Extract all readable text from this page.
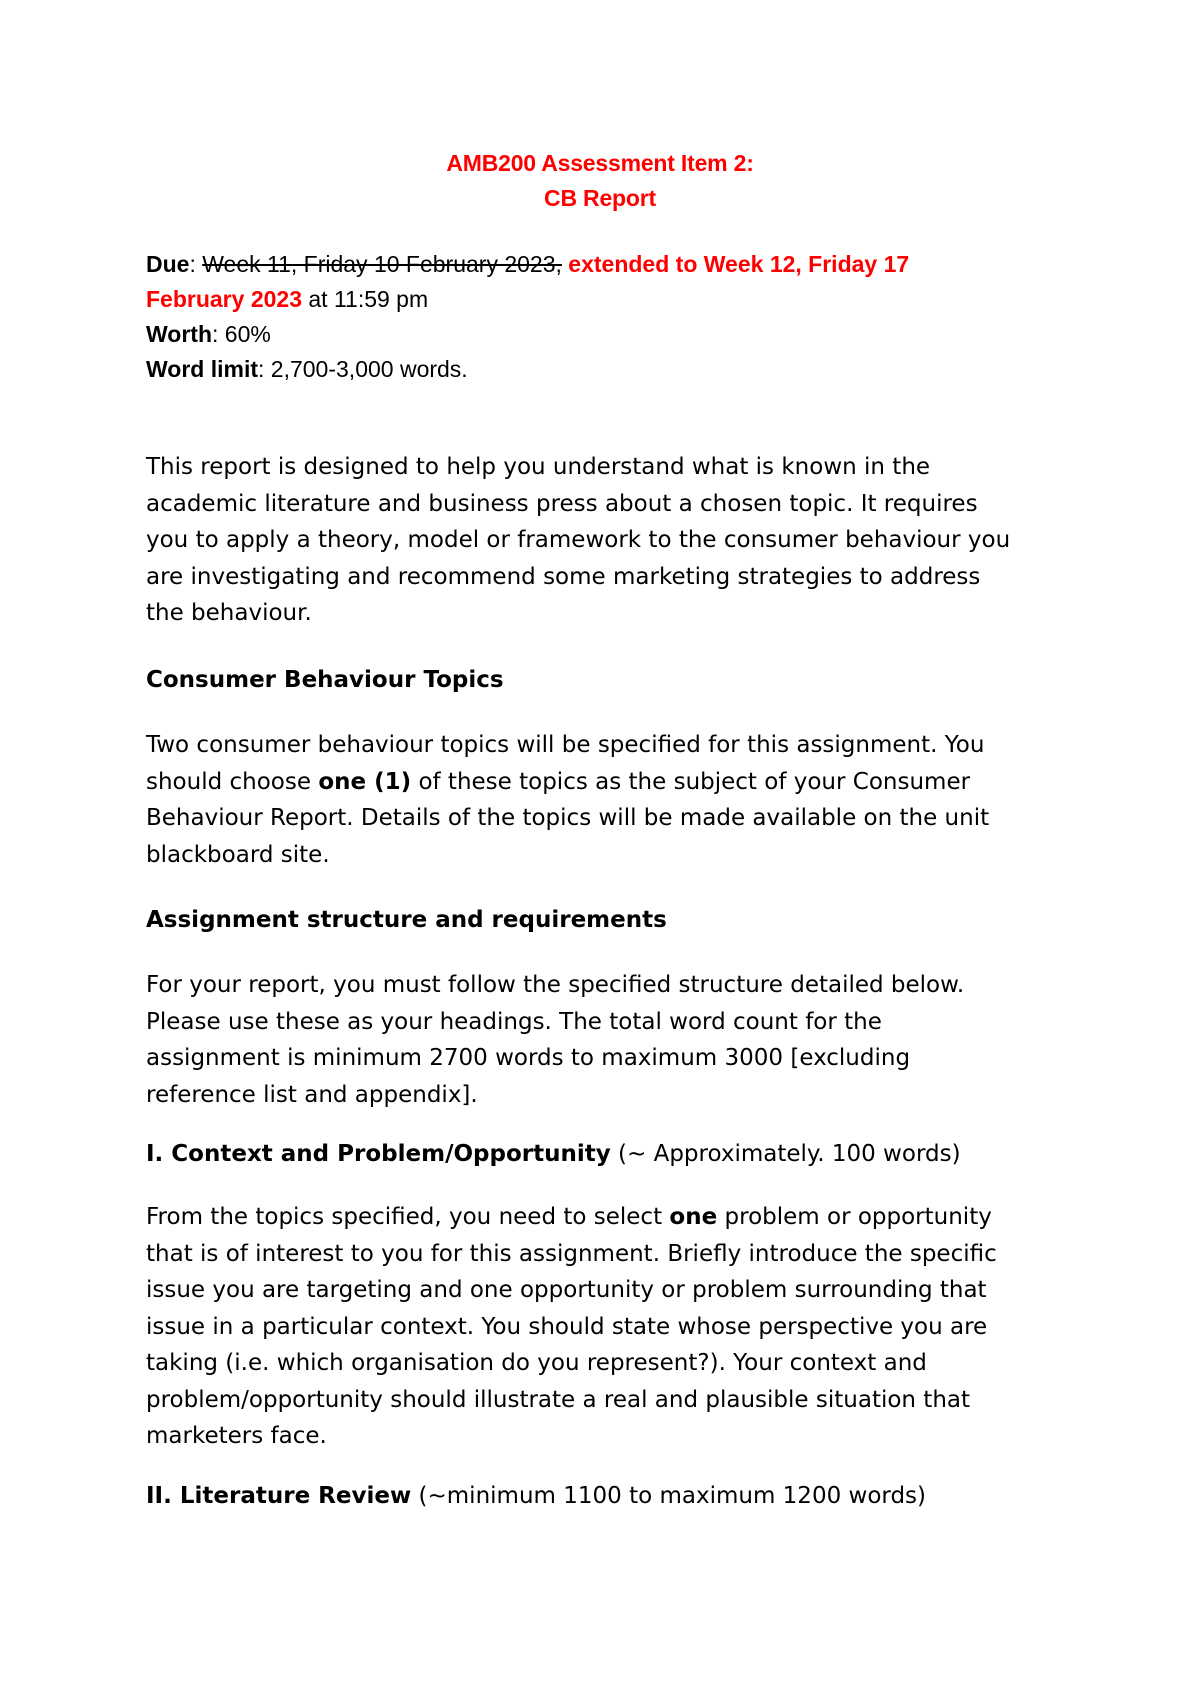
AMB200 Assessment Item 2:
CB Report
Due: Week 11, Friday 10 February 2023, extended to Week 12, Friday 17
February 2023 at 11:59 pm
Worth: 60%
Word limit: 2,700-3,000 words.
This report is designed to help you understand what is known in the
academic literature and business press about a chosen topic. It requires
you to apply a theory, model or framework to the consumer behaviour you
are investigating and recommend some marketing strategies to address
the behaviour.
Consumer Behaviour Topics
Two consumer behaviour topics will be specified for this assignment. You
should choose one (1) of these topics as the subject of your Consumer
Behaviour Report. Details of the topics will be made available on the unit
blackboard site.
Assignment structure and requirements
For your report, you must follow the specified structure detailed below.
Please use these as your headings. The total word count for the
assignment is minimum 2700 words to maximum 3000 [excluding
reference list and appendix].
I. Context and Problem/Opportunity (~ Approximately. 100 words)
From the topics specified, you need to select one problem or opportunity
that is of interest to you for this assignment. Briefly introduce the specific
issue you are targeting and one opportunity or problem surrounding that
issue in a particular context. You should state whose perspective you are
taking (i.e. which organisation do you represent?). Your context and
problem/opportunity should illustrate a real and plausible situation that
marketers face.
II. Literature Review (~minimum 1100 to maximum 1200 words)
